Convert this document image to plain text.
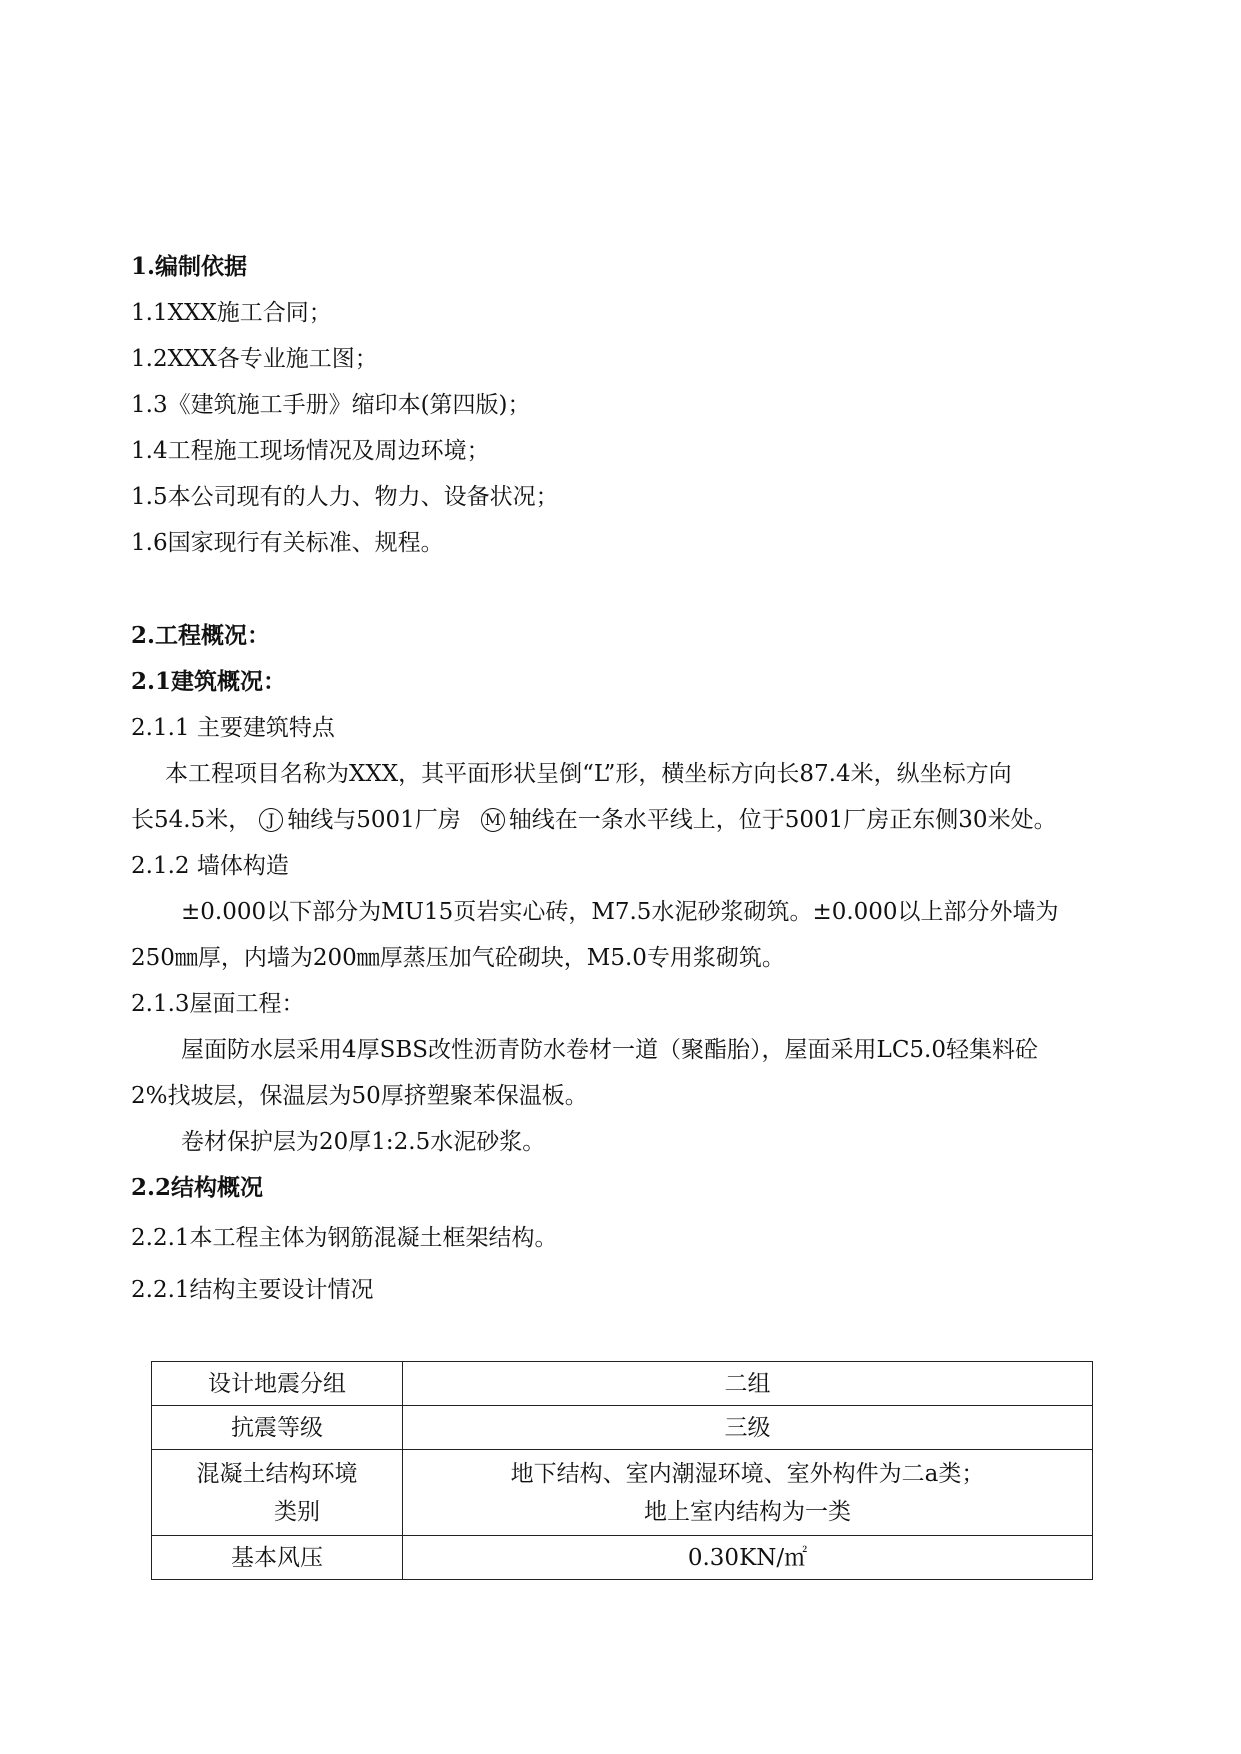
1.编制依据
1.1XXX施工合同；
1.2XXX各专业施工图；
1.3《建筑施工手册》缩印本(第四版)；
1.4工程施工现场情况及周边环境；
1.5本公司现有的人力、物力、设备状况；
1.6国家现行有关标准、规程。
2.工程概况：
2.1建筑概况：
2.1.1 主要建筑特点
本工程项目名称为XXX，其平面形状呈倒“L”形，横坐标方向长87.4米，纵坐标方向
长54.5米， J 轴线与5001厂房 M 轴线在一条水平线上，位于5001厂房正东侧30米处。
2.1.2 墙体构造
±0.000以下部分为MU15页岩实心砖，M7.5水泥砂浆砌筑。±0.000以上部分外墙为
250㎜厚，内墙为200㎜厚蒸压加气砼砌块，M5.0专用浆砌筑。
2.1.3屋面工程：
屋面防水层采用4厚SBS改性沥青防水卷材一道（聚酯胎），屋面采用LC5.0轻集料砼
2%找坡层，保温层为50厚挤塑聚苯保温板。
卷材保护层为20厚1:2.5水泥砂浆。
2.2结构概况
2.2.1本工程主体为钢筋混凝土框架结构。
2.2.1结构主要设计情况
设计地震分组	二组
抗震等级	三级

混凝土结构环境
类别	地下结构、室内潮湿环境、室外构件为二a类；
地上室内结构为一类

基本风压	0.30KN/㎡
